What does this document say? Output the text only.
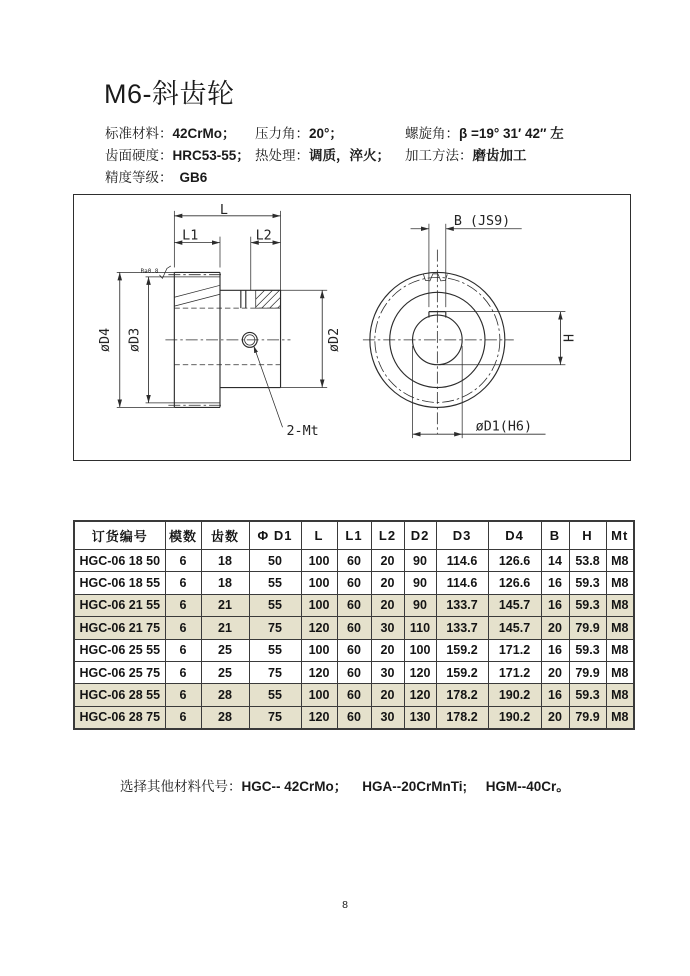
M6-斜齿轮
标准材料：42CrMo； 压力角：20°；	螺旋角：β =19° 31′ 42″ 左
齿面硬度：HRC53-55； 热处理：调质，淬火； 加工方法：磨齿加工
精度等级： GB6
L
L1	L2
øD4 øD3	øD2
2-Mt
Ra0.8
B (JS9)
H
øD1(H6)
订货编号	模数	齿数	Φ D1	L	L1	L2	D2	D3	D4	B	H	Mt
HGC-06 18 50	6	18	50	100	60	20	90	114.6	126.6	14	53.8	M8
HGC-06 18 55	6	18	55	100	60	20	90	114.6	126.6	16	59.3	M8
HGC-06 21 55	6	21	55	100	60	20	90	133.7	145.7	16	59.3	M8
HGC-06 21 75	6	21	75	120	60	30	110	133.7	145.7	20	79.9	M8
HGC-06 25 55	6	25	55	100	60	20	100	159.2	171.2	16	59.3	M8
HGC-06 25 75	6	25	75	120	60	30	120	159.2	171.2	20	79.9	M8
HGC-06 28 55	6	28	55	100	60	20	120	178.2	190.2	16	59.3	M8
HGC-06 28 75	6	28	75	120	60	30	130	178.2	190.2	20	79.9	M8

选择其他材料代号：HGC-- 42CrMo；    HGA--20CrMnTi;     HGM--40Cr。

8
